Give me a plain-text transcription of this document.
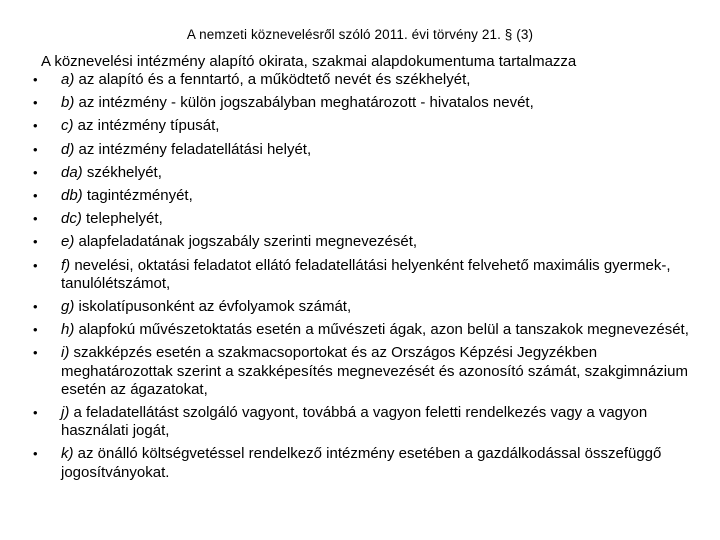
A nemzeti köznevelésről szóló 2011. évi törvény 21. § (3)
A köznevelési intézmény alapító okirata, szakmai alapdokumentuma tartalmazza
• a) az alapító és a fenntartó, a működtető nevét és székhelyét,
• b) az intézmény - külön jogszabályban meghatározott - hivatalos nevét,
• c) az intézmény típusát,
• d) az intézmény feladatellátási helyét,
• da) székhelyét,
• db) tagintézményét,
• dc) telephelyét,
• e) alapfeladatának jogszabály szerinti megnevezését,
• f) nevelési, oktatási feladatot ellátó feladatellátási helyenként felvehető maximális gyermek-, tanulólétszámot,
• g) iskolatípusonként az évfolyamok számát,
• h) alapfokú művészetoktatás esetén a művészeti ágak, azon belül a tanszakok megnevezését,
• i) szakképzés esetén a szakmacsoportokat és az Országos Képzési Jegyzékben meghatározottak szerint a szakképesítés megnevezését és azonosító számát, szakgimnázium esetén az ágazatokat,
• j) a feladatellátást szolgáló vagyont, továbbá a vagyon feletti rendelkezés vagy a vagyon használati jogát,
• k) az önálló költségvetéssel rendelkező intézmény esetében a gazdálkodással összefüggő jogosítványokat.
